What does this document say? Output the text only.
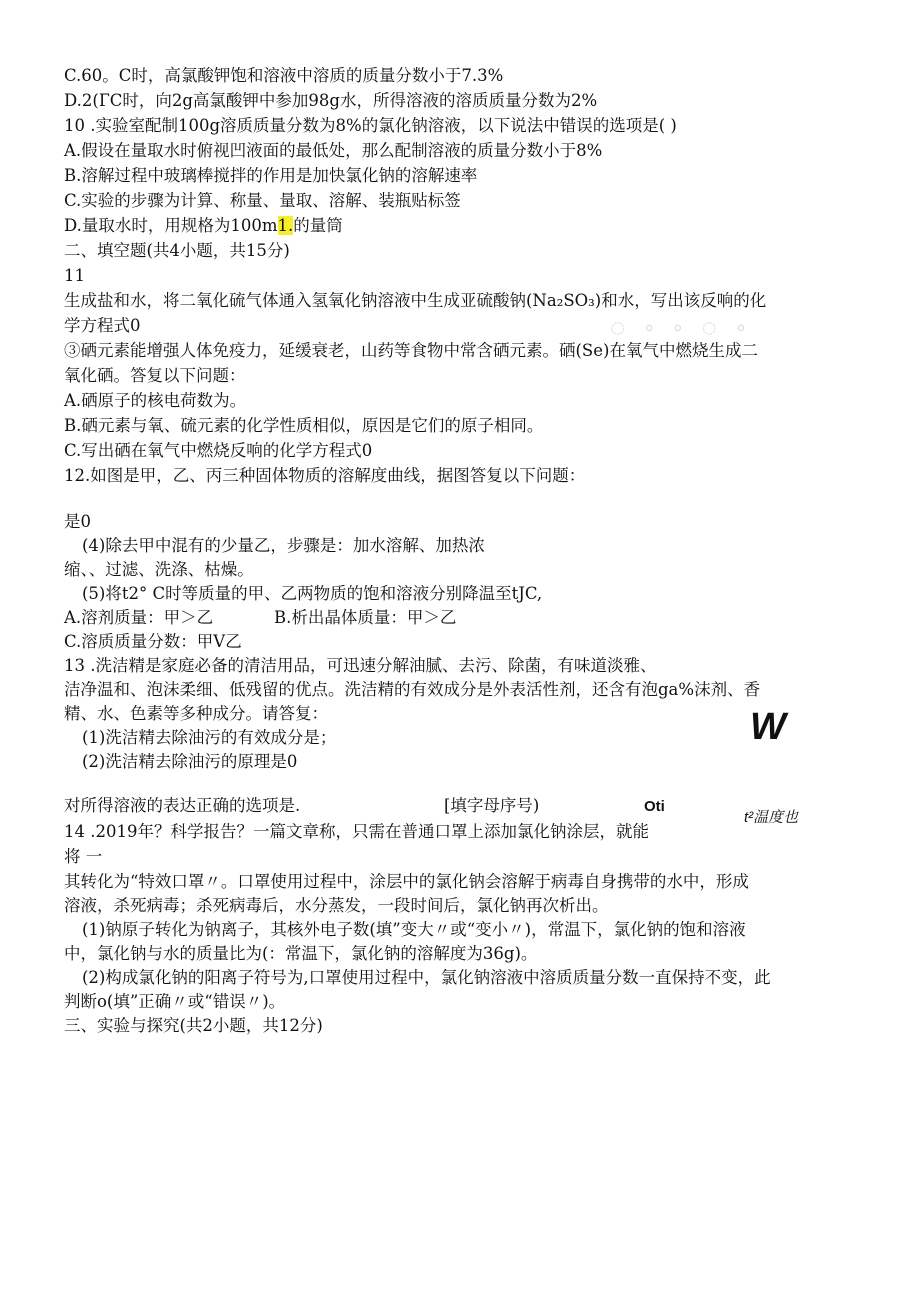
C.60。C时，高氯酸钾饱和溶液中溶质的质量分数小于7.3%
D.2(ГC时，向2g高氯酸钾中参加98g水，所得溶液的溶质质量分数为2%
10 .实验室配制100g溶质质量分数为8%的氯化钠溶液，以下说法中错误的选项是( )
A.假设在量取水时俯视凹液面的最低处，那么配制溶液的质量分数小于8%
B.溶解过程中玻璃棒搅拌的作用是加快氯化钠的溶解速率
C.实验的步骤为计算、称量、量取、溶解、装瓶贴标签
D.量取水时，用规格为100m1.的量筒
二、填空题(共4小题，共15分)
11
生成盐和水，将二氧化硫气体通入氢氧化钠溶液中生成亚硫酸钠(Na₂SO₃)和水，写出该反响的化
学方程式0	◌ ◦ ◦ ◌ ◦
③硒元素能增强人体免疫力，延缓衰老，山药等食物中常含硒元素。硒(Se)在氧气中燃烧生成二
氧化硒。答复以下问题：
A.硒原子的核电荷数为。
B.硒元素与氧、硫元素的化学性质相似，原因是它们的原子相同。
C.写出硒在氧气中燃烧反响的化学方程式0
12.如图是甲，乙、丙三种固体物质的溶解度曲线，据图答复以下问题：
是0
(4)除去甲中混有的少量乙，步骤是：加水溶解、加热浓
缩、、过滤、洗涤、枯燥。
(5)将t2° C时等质量的甲、乙两物质的饱和溶液分别降温至tJC,
A.溶剂质量：甲＞乙	B.析出晶体质量：甲＞乙
C.溶质质量分数：甲V乙
13 .洗洁精是家庭必备的清洁用品，可迅速分解油腻、去污、除菌，有味道淡雅、
洁净温和、泡沫柔细、低残留的优点。洗洁精的有效成分是外表活性剂，还含有泡ga%沫剂、香
精、水、色素等多种成分。请答复：
(1)洗洁精去除油污的有效成分是；	W
(2)洗洁精去除油污的原理是0
对所得溶液的表达正确的选项是.	[填字母序号)	Oti
t²温度也
14 .2019年？科学报告？一篇文章称，只需在普通口罩上添加氯化钠涂层，就能
将 一
其转化为“特效口罩〃。口罩使用过程中，涂层中的氯化钠会溶解于病毒自身携带的水中，形成
溶液，杀死病毒；杀死病毒后，水分蒸发，一段时间后，氯化钠再次析出。
(1)钠原子转化为钠离子，其核外电子数(填”变大〃或“变小〃)，常温下，氯化钠的饱和溶液
中，氯化钠与水的质量比为(：常温下，氯化钠的溶解度为36g)。
(2)构成氯化钠的阳离子符号为,口罩使用过程中，氯化钠溶液中溶质质量分数一直保持不变，此
判断o(填”正确〃或“错误〃)。
三、实验与探究(共2小题，共12分)
